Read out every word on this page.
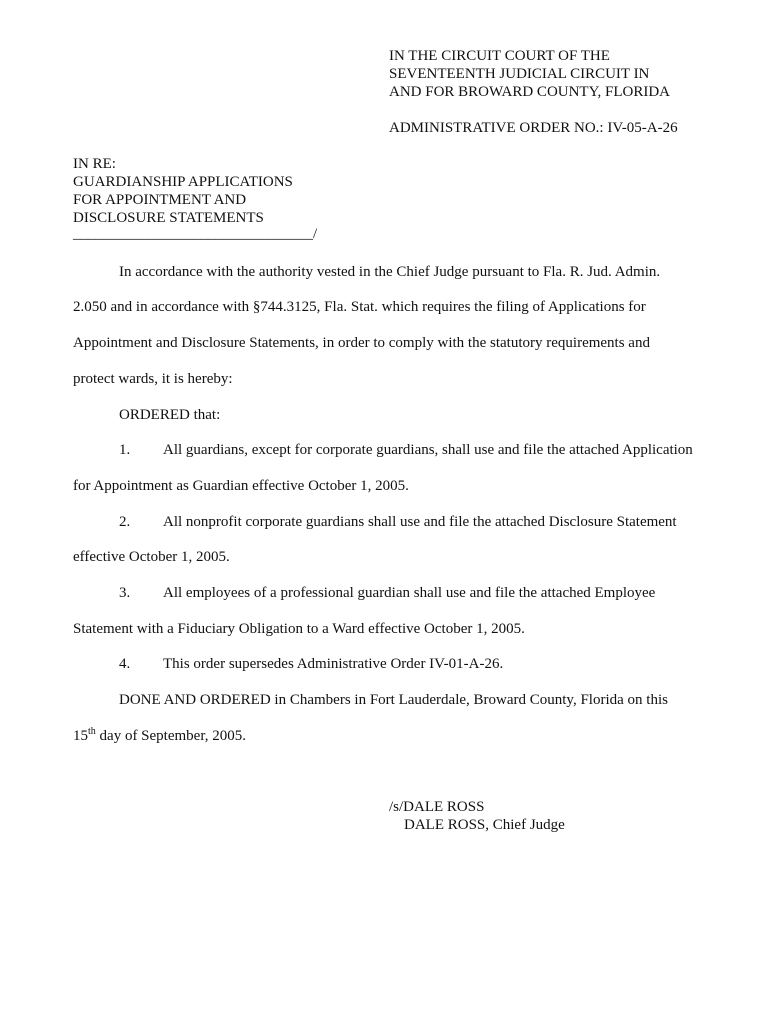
IN THE CIRCUIT COURT OF THE
SEVENTEENTH JUDICIAL CIRCUIT IN
AND FOR BROWARD COUNTY, FLORIDA
ADMINISTRATIVE ORDER NO.: IV-05-A-26
IN RE:
GUARDIANSHIP APPLICATIONS
FOR APPOINTMENT AND
DISCLOSURE STATEMENTS
________________________________/
In accordance with the authority vested in the Chief Judge pursuant to Fla. R. Jud. Admin.
2.050 and in accordance with §744.3125, Fla. Stat. which requires the filing of Applications for
Appointment and Disclosure Statements, in order to comply with the statutory requirements and
protect wards, it is hereby:
ORDERED that:
1. All guardians, except for corporate guardians, shall use and file the attached Application
for Appointment as Guardian effective October 1, 2005.
2. All nonprofit corporate guardians shall use and file the attached Disclosure Statement
effective October 1, 2005.
3. All employees of a professional guardian shall use and file the attached Employee
Statement with a Fiduciary Obligation to a Ward effective October 1, 2005.
4. This order supersedes Administrative Order IV-01-A-26.
DONE AND ORDERED in Chambers in Fort Lauderdale, Broward County, Florida on this
15th day of September, 2005.
/s/DALE ROSS
DALE ROSS, Chief Judge
